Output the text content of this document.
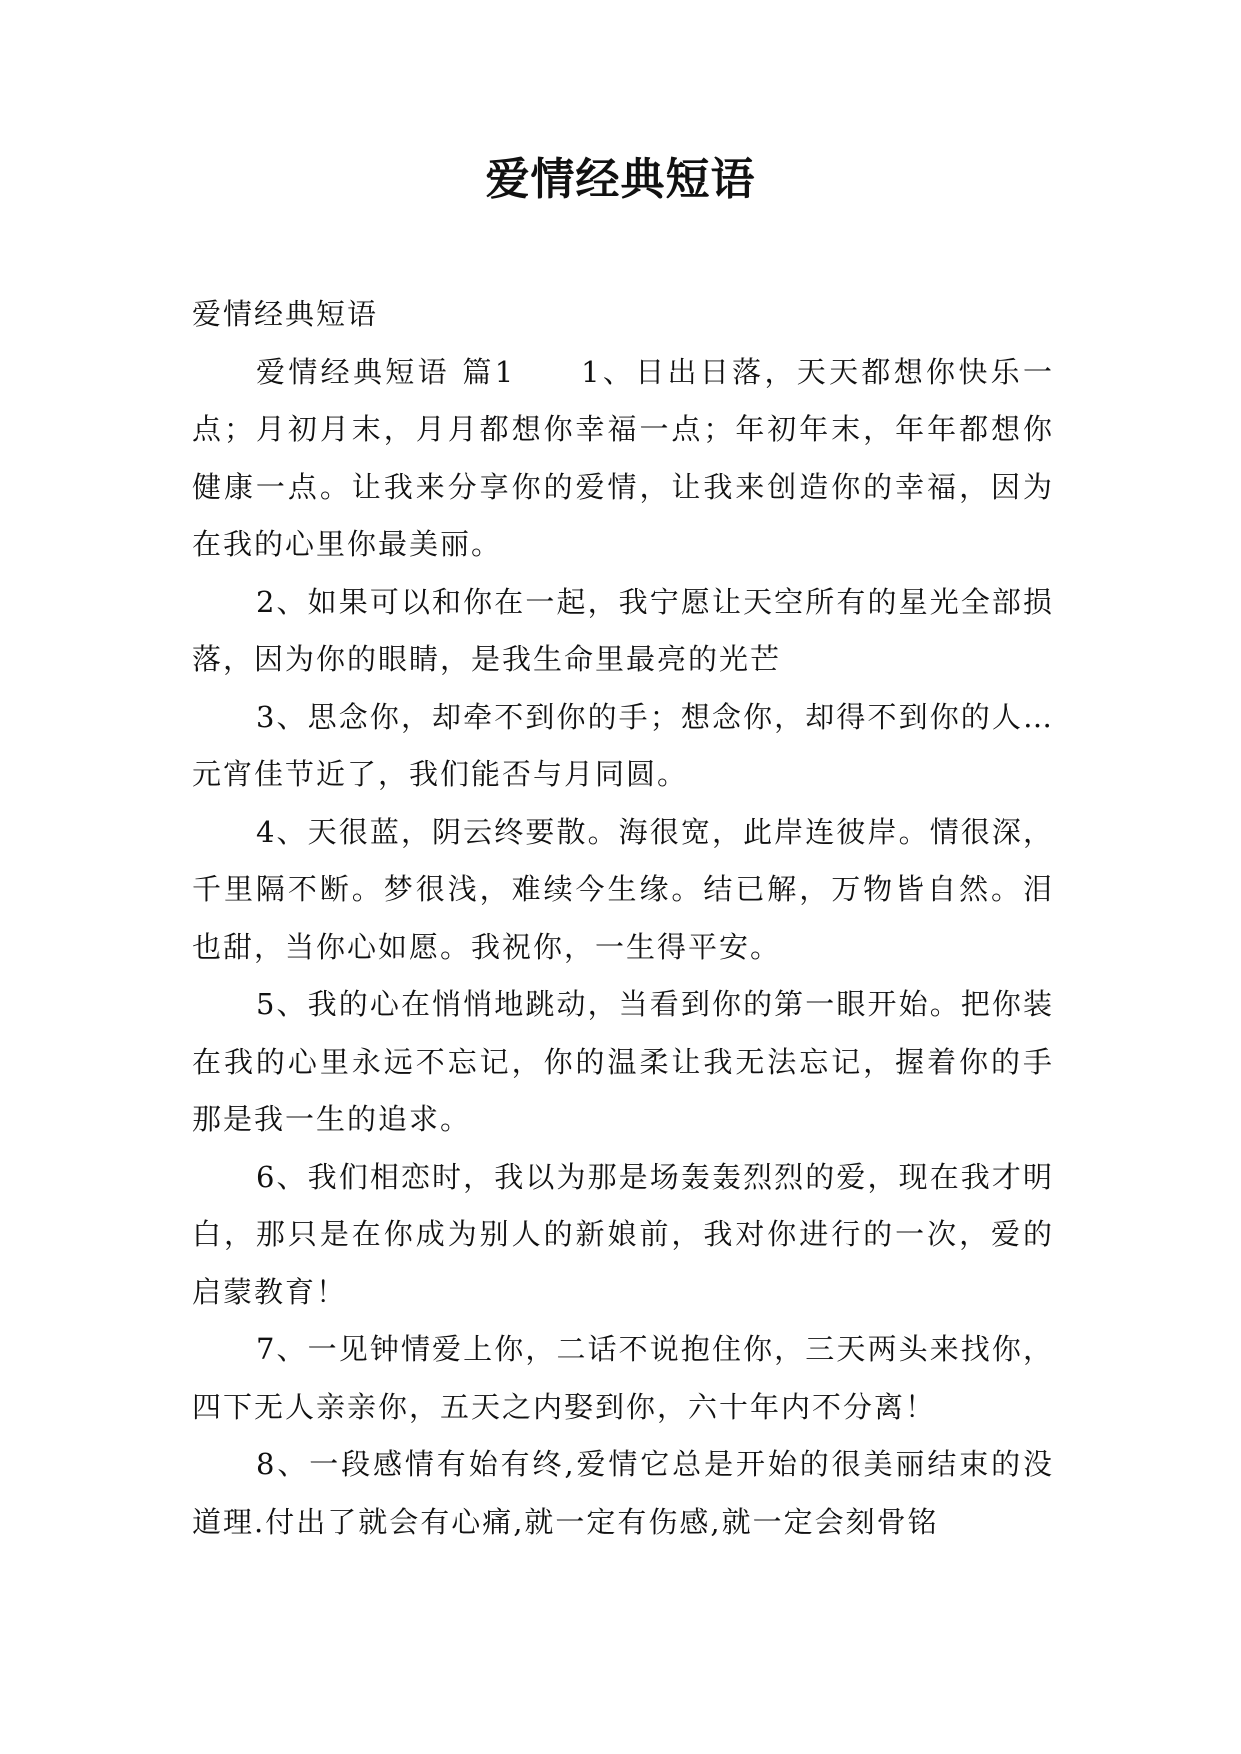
爱情经典短语

爱情经典短语

爱情经典短语 篇1　　1、日出日落，天天都想你快乐一点；月初月末，月月都想你幸福一点；年初年末，年年都想你健康一点。让我来分享你的爱情，让我来创造你的幸福，因为在我的心里你最美丽。

2、如果可以和你在一起，我宁愿让天空所有的星光全部损落，因为你的眼睛，是我生命里最亮的光芒

3、思念你，却牵不到你的手；想念你，却得不到你的人… 元宵佳节近了，我们能否与月同圆。

4、天很蓝，阴云终要散。海很宽，此岸连彼岸。情很深，千里隔不断。梦很浅，难续今生缘。结已解，万物皆自然。泪也甜，当你心如愿。我祝你，一生得平安。

5、我的心在悄悄地跳动，当看到你的第一眼开始。把你装在我的心里永远不忘记，你的温柔让我无法忘记，握着你的手那是我一生的追求。

6、我们相恋时，我以为那是场轰轰烈烈的爱，现在我才明白，那只是在你成为别人的新娘前，我对你进行的一次，爱的启蒙教育！

7、一见钟情爱上你，二话不说抱住你，三天两头来找你，四下无人亲亲你，五天之内娶到你，六十年内不分离！

8、一段感情有始有终,爱情它总是开始的很美丽结束的没道理.付出了就会有心痛,就一定有伤感,就一定会刻骨铭
